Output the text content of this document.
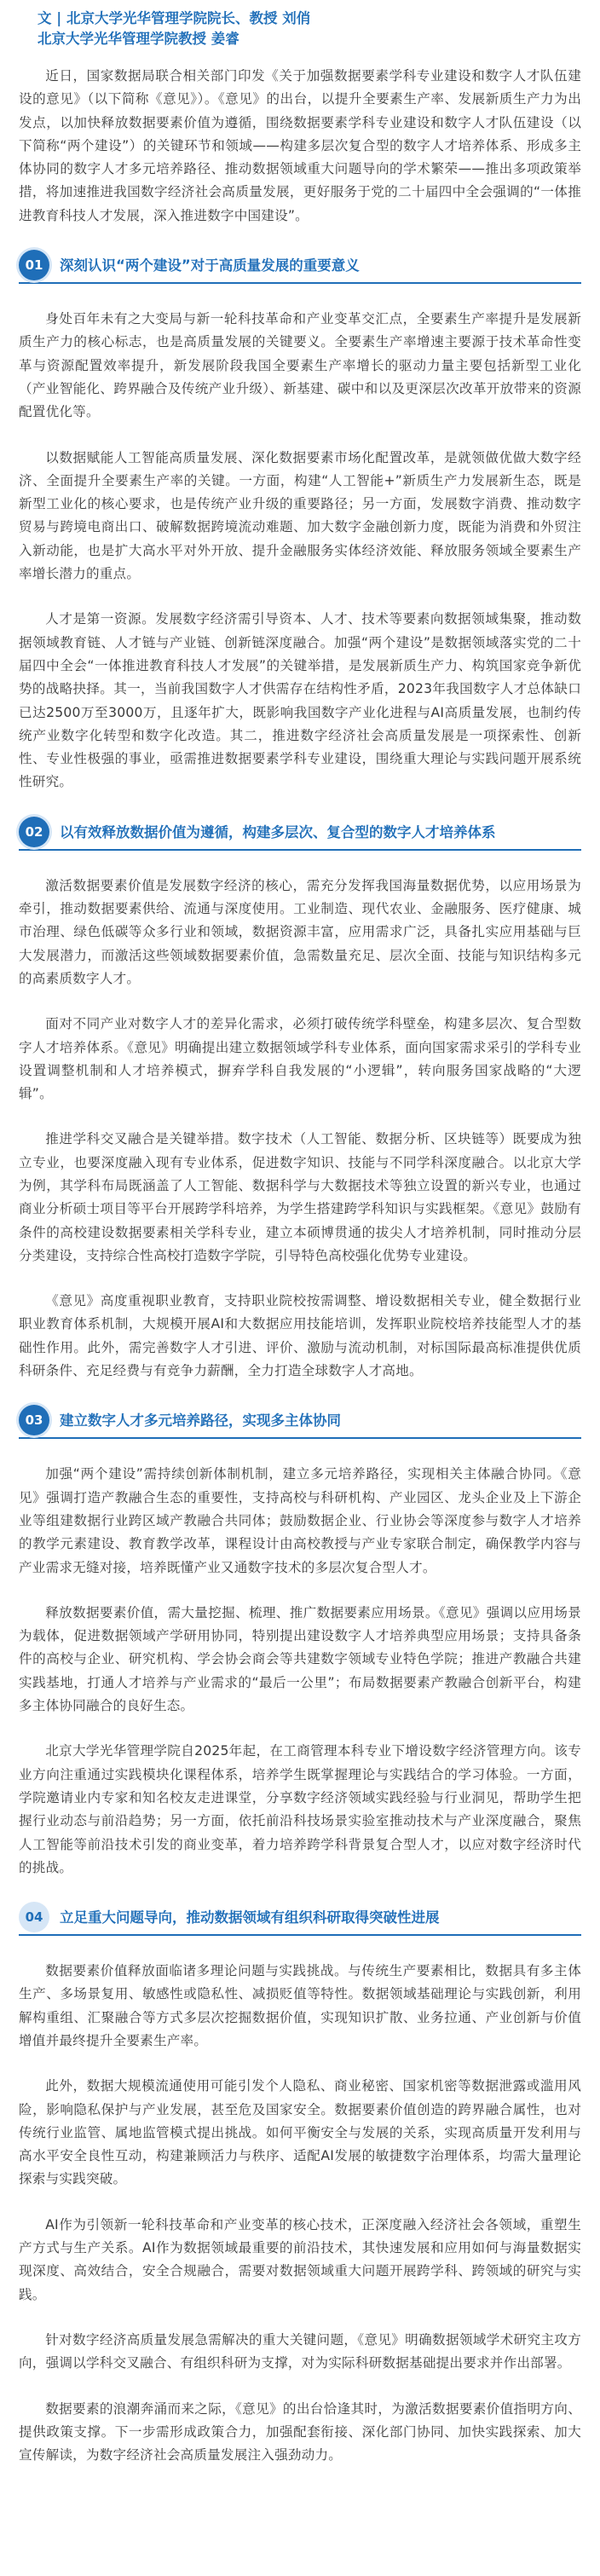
文 | 北京大学光华管理学院院长、教授 刘俏
北京大学光华管理学院教授 姜睿

近日，国家数据局联合相关部门印发《关于加强数据要素学科专业建设和数字人才队伍建设的意见》（以下简称《意见》）。《意见》的出台，以提升全要素生产率、发展新质生产力为出发点，以加快释放数据要素价值为遵循，围绕数据要素学科专业建设和数字人才队伍建设（以下简称“两个建设”）的关键环节和领域——构建多层次复合型的数字人才培养体系、形成多主体协同的数字人才多元培养路径、推动数据领域重大问题导向的学术繁荣——推出多项政策举措，将加速推进我国数字经济社会高质量发展，更好服务于党的二十届四中全会强调的“一体推进教育科技人才发展，深入推进数字中国建设”。

01	深刻认识“两个建设”对于高质量发展的重要意义

身处百年未有之大变局与新一轮科技革命和产业变革交汇点，全要素生产率提升是发展新质生产力的核心标志，也是高质量发展的关键要义。全要素生产率增速主要源于技术革命性变革与资源配置效率提升，新发展阶段我国全要素生产率增长的驱动力量主要包括新型工业化（产业智能化、跨界融合及传统产业升级）、新基建、碳中和以及更深层次改革开放带来的资源配置优化等。

以数据赋能人工智能高质量发展、深化数据要素市场化配置改革，是就领做优做大数字经济、全面提升全要素生产率的关键。一方面，构建“人工智能+”新质生产力发展新生态，既是新型工业化的核心要求，也是传统产业升级的重要路径；另一方面，发展数字消费、推动数字贸易与跨境电商出口、破解数据跨境流动难题、加大数字金融创新力度，既能为消费和外贸注入新动能，也是扩大高水平对外开放、提升金融服务实体经济效能、释放服务领域全要素生产率增长潜力的重点。

人才是第一资源。发展数字经济需引导资本、人才、技术等要素向数据领域集聚，推动数据领域教育链、人才链与产业链、创新链深度融合。加强“两个建设”是数据领域落实党的二十届四中全会“一体推进教育科技人才发展”的关键举措，是发展新质生产力、构筑国家竞争新优势的战略抉择。其一，当前我国数字人才供需存在结构性矛盾，2023年我国数字人才总体缺口已达2500万至3000万，且逐年扩大，既影响我国数字产业化进程与AI高质量发展，也制约传统产业数字化转型和数字化改造。其二，推进数字经济社会高质量发展是一项探索性、创新性、专业性极强的事业，亟需推进数据要素学科专业建设，围绕重大理论与实践问题开展系统性研究。

02	以有效释放数据价值为遵循，构建多层次、复合型的数字人才培养体系

激活数据要素价值是发展数字经济的核心，需充分发挥我国海量数据优势，以应用场景为牵引，推动数据要素供给、流通与深度使用。工业制造、现代农业、金融服务、医疗健康、城市治理、绿色低碳等众多行业和领域，数据资源丰富，应用需求广泛，具备扎实应用基础与巨大发展潜力，而激活这些领域数据要素价值，急需数量充足、层次全面、技能与知识结构多元的高素质数字人才。

面对不同产业对数字人才的差异化需求，必须打破传统学科壁垒，构建多层次、复合型数字人才培养体系。《意见》明确提出建立数据领域学科专业体系，面向国家需求采引的学科专业设置调整机制和人才培养模式，摒弃学科自我发展的“小逻辑”，转向服务国家战略的“大逻辑”。

推进学科交叉融合是关键举措。数字技术（人工智能、数据分析、区块链等）既要成为独立专业，也要深度融入现有专业体系，促进数字知识、技能与不同学科深度融合。以北京大学为例，其学科布局既涵盖了人工智能、数据科学与大数据技术等独立设置的新兴专业，也通过商业分析硕士项目等平台开展跨学科培养，为学生搭建跨学科知识与实践框架。《意见》鼓励有条件的高校建设数据要素相关学科专业，建立本硕博贯通的拔尖人才培养机制，同时推动分层分类建设，支持综合性高校打造数字学院，引导特色高校强化优势专业建设。

《意见》高度重视职业教育，支持职业院校按需调整、增设数据相关专业，健全数据行业职业教育体系机制，大规模开展AI和大数据应用技能培训，发挥职业院校培养技能型人才的基础性作用。此外，需完善数字人才引进、评价、激励与流动机制，对标国际最高标准提供优质科研条件、充足经费与有竞争力薪酬，全力打造全球数字人才高地。

03	建立数字人才多元培养路径，实现多主体协同

加强“两个建设”需持续创新体制机制，建立多元培养路径，实现相关主体融合协同。《意见》强调打造产教融合生态的重要性，支持高校与科研机构、产业园区、龙头企业及上下游企业等组建数据行业跨区域产教融合共同体；鼓励数据企业、行业协会等深度参与数字人才培养的教学元素建设、教育教学改革，课程设计由高校教授与产业专家联合制定，确保教学内容与产业需求无缝对接，培养既懂产业又通数字技术的多层次复合型人才。

释放数据要素价值，需大量挖掘、梳理、推广数据要素应用场景。《意见》强调以应用场景为载体，促进数据领域产学研用协同，特别提出建设数字人才培养典型应用场景；支持具备条件的高校与企业、研究机构、学会协会商会等共建数字领域专业特色学院；推进产教融合共建实践基地，打通人才培养与产业需求的“最后一公里”；布局数据要素产教融合创新平台，构建多主体协同融合的良好生态。

北京大学光华管理学院自2025年起，在工商管理本科专业下增设数字经济管理方向。该专业方向注重通过实践模块化课程体系，培养学生既掌握理论与实践结合的学习体验。一方面，学院邀请业内专家和知名校友走进课堂，分享数字经济领域实践经验与行业洞见，帮助学生把握行业动态与前沿趋势；另一方面，依托前沿科技场景实验室推动技术与产业深度融合，聚焦人工智能等前沿技术引发的商业变革，着力培养跨学科背景复合型人才，以应对数字经济时代的挑战。

04	立足重大问题导向，推动数据领域有组织科研取得突破性进展

数据要素价值释放面临诸多理论问题与实践挑战。与传统生产要素相比，数据具有多主体生产、多场景复用、敏感性或隐私性、减损贬值等特性。数据领域基础理论与实践创新，利用解构重组、汇聚融合等方式多层次挖掘数据价值，实现知识扩散、业务拉通、产业创新与价值增值并最终提升全要素生产率。

此外，数据大规模流通使用可能引发个人隐私、商业秘密、国家机密等数据泄露或滥用风险，影响隐私保护与产业发展，甚至危及国家安全。数据要素价值创造的跨界融合属性，也对传统行业监管、属地监管模式提出挑战。如何平衡安全与发展的关系，实现高质量开发利用与高水平安全良性互动，构建兼顾活力与秩序、适配AI发展的敏捷数字治理体系，均需大量理论探索与实践突破。

AI作为引领新一轮科技革命和产业变革的核心技术，正深度融入经济社会各领域，重塑生产方式与生产关系。AI作为数据领域最重要的前沿技术，其快速发展和应用如何与海量数据实现深度、高效结合，安全合规融合，需要对数据领域重大问题开展跨学科、跨领域的研究与实践。

针对数字经济高质量发展急需解决的重大关键问题，《意见》明确数据领域学术研究主攻方向，强调以学科交叉融合、有组织科研为支撑，对为实际科研数据基础提出要求并作出部署。

数据要素的浪潮奔涌而来之际，《意见》的出台恰逢其时，为激活数据要素价值指明方向、提供政策支撑。下一步需形成政策合力，加强配套衔接、深化部门协同、加快实践探索、加大宣传解读，为数字经济社会高质量发展注入强劲动力。
